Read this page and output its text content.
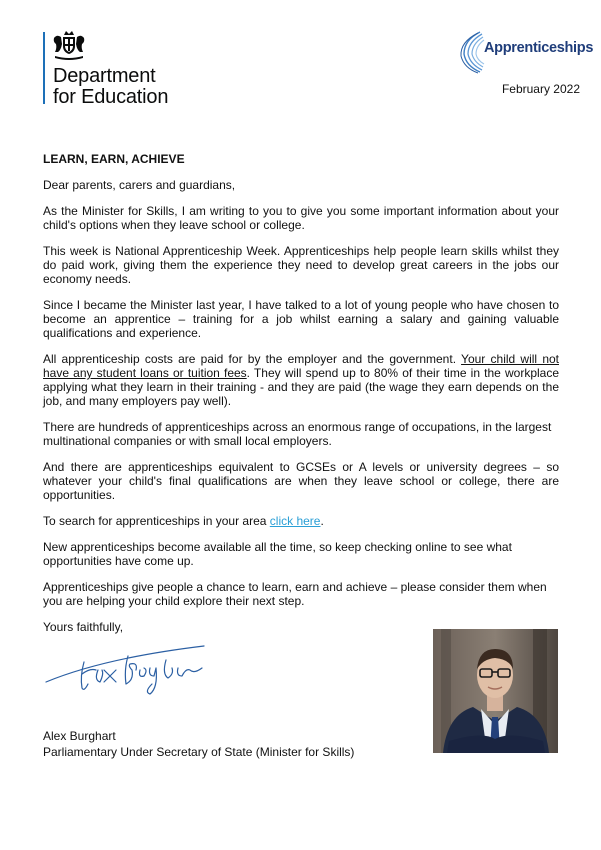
Department
for Education
Apprenticeships
February 2022
LEARN, EARN, ACHIEVE
Dear parents, carers and guardians,
As the Minister for Skills, I am writing to you to give you some important information about your child's options when they leave school or college.
This week is National Apprenticeship Week. Apprenticeships help people learn skills whilst they do paid work, giving them the experience they need to develop great careers in the jobs our economy needs.
Since I became the Minister last year, I have talked to a lot of young people who have chosen to become an apprentice – training for a job whilst earning a salary and gaining valuable qualifications and experience.
All apprenticeship costs are paid for by the employer and the government. Your child will not have any student loans or tuition fees. They will spend up to 80% of their time in the workplace applying what they learn in their training - and they are paid (the wage they earn depends on the job, and many employers pay well).
There are hundreds of apprenticeships across an enormous range of occupations, in the largest multinational companies or with small local employers.
And there are apprenticeships equivalent to GCSEs or A levels or university degrees – so whatever your child's final qualifications are when they leave school or college, there are opportunities.
To search for apprenticeships in your area click here.
New apprenticeships become available all the time, so keep checking online to see what opportunities have come up.
Apprenticeships give people a chance to learn, earn and achieve – please consider them when you are helping your child explore their next step.
Yours faithfully,
Alex Burghart
Parliamentary Under Secretary of State (Minister for Skills)
